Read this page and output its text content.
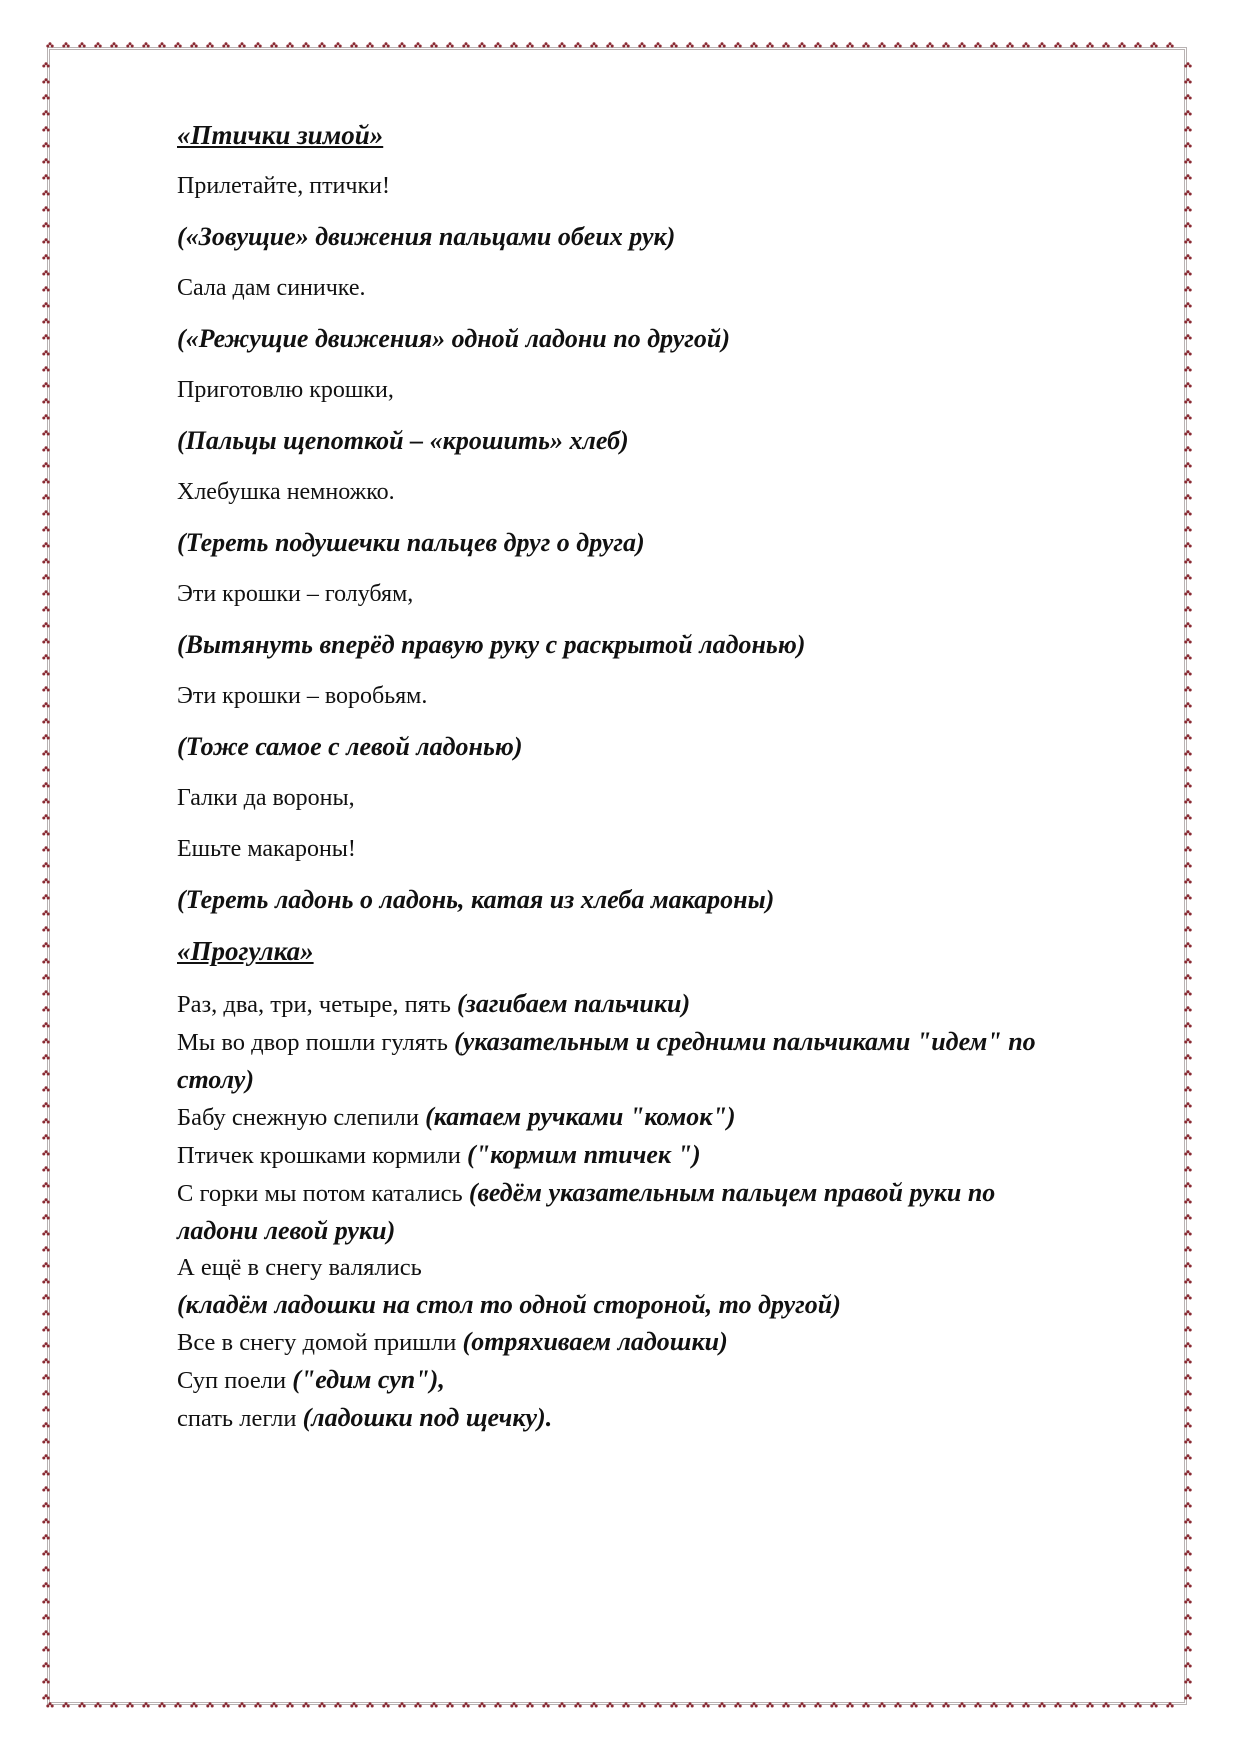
«Птички зимой»

Прилетайте, птички!

(«Зовущие» движения пальцами обеих рук)

Сала дам синичке.

(«Режущие движения» одной ладони по другой)

Приготовлю крошки,

(Пальцы щепоткой – «крошить» хлеб)

Хлебушка немножко.

(Тереть подушечки пальцев друг о друга)

Эти крошки – голубям,

(Вытянуть вперёд правую руку с раскрытой ладонью)

Эти крошки – воробьям.

(Тоже самое с левой ладонью)

Галки да вороны,

Ешьте макароны!

(Тереть ладонь о ладонь, катая из хлеба макароны)

«Прогулка»

Раз, два, три, четыре, пять (загибаем пальчики)
Мы во двор пошли гулять (указательным и средними пальчиками "идем" по
столу)
Бабу снежную слепили (катаем ручками "комок")
Птичек крошками кормили ("кормим птичек ")
С горки мы потом катались (ведём указательным пальцем правой руки по
ладони левой руки)
А ещё в снегу валялись
(кладём ладошки на стол то одной стороной, то другой)
Все в снегу домой пришли (отряхиваем ладошки)
Суп поели ("едим суп"),
спать легли (ладошки под щечку).
